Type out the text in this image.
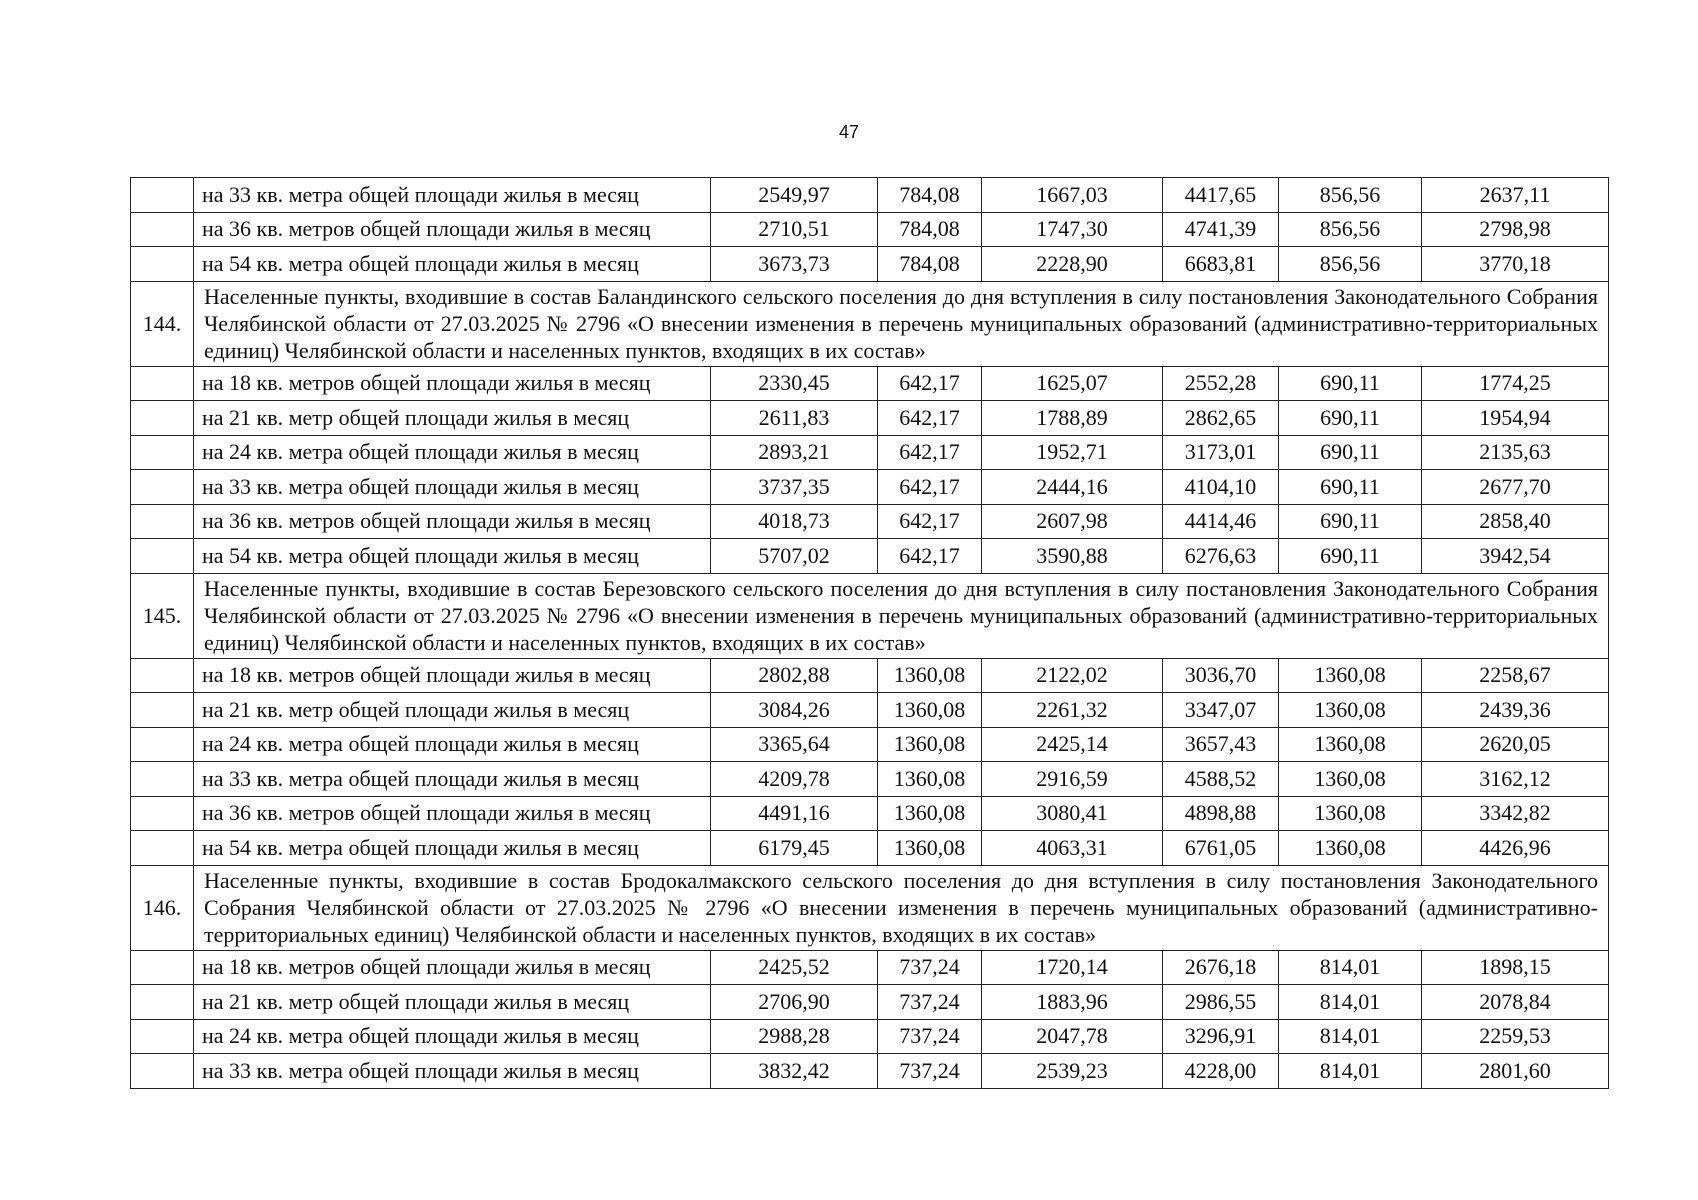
47
	на 33 кв. метра общей площади жилья в месяц	2549,97	784,08	1667,03	4417,65	856,56	2637,11
	на 36 кв. метров общей площади жилья в месяц	2710,51	784,08	1747,30	4741,39	856,56	2798,98
	на 54 кв. метра общей площади жилья в месяц	3673,73	784,08	2228,90	6683,81	856,56	3770,18
144.	Населенные пункты, входившие в состав Баландинского сельского поселения до дня вступления в силу постановления Законодательного Собрания Челябинской области от 27.03.2025 № 2796 «О внесении изменения в перечень муниципальных образований (административно-территориальных единиц) Челябинской области и населенных пунктов, входящих в их состав»						
	на 18 кв. метров общей площади жилья в месяц	2330,45	642,17	1625,07	2552,28	690,11	1774,25
	на 21 кв. метр общей площади жилья в месяц	2611,83	642,17	1788,89	2862,65	690,11	1954,94
	на 24 кв. метра общей площади жилья в месяц	2893,21	642,17	1952,71	3173,01	690,11	2135,63
	на 33 кв. метра общей площади жилья в месяц	3737,35	642,17	2444,16	4104,10	690,11	2677,70
	на 36 кв. метров общей площади жилья в месяц	4018,73	642,17	2607,98	4414,46	690,11	2858,40
	на 54 кв. метра общей площади жилья в месяц	5707,02	642,17	3590,88	6276,63	690,11	3942,54
145.	Населенные пункты, входившие в состав Березовского сельского поселения до дня вступления в силу постановления Законодательного Собрания Челябинской области от 27.03.2025 № 2796 «О внесении изменения в перечень муниципальных образований (административно-территориальных единиц) Челябинской области и населенных пунктов, входящих в их состав»						
	на 18 кв. метров общей площади жилья в месяц	2802,88	1360,08	2122,02	3036,70	1360,08	2258,67
	на 21 кв. метр общей площади жилья в месяц	3084,26	1360,08	2261,32	3347,07	1360,08	2439,36
	на 24 кв. метра общей площади жилья в месяц	3365,64	1360,08	2425,14	3657,43	1360,08	2620,05
	на 33 кв. метра общей площади жилья в месяц	4209,78	1360,08	2916,59	4588,52	1360,08	3162,12
	на 36 кв. метров общей площади жилья в месяц	4491,16	1360,08	3080,41	4898,88	1360,08	3342,82
	на 54 кв. метра общей площади жилья в месяц	6179,45	1360,08	4063,31	6761,05	1360,08	4426,96
146.	Населенные пункты, входившие в состав Бродокалмакского сельского поселения до дня вступления в силу постановления Законодательного Собрания Челябинской области от 27.03.2025 № 2796 «О внесении изменения в перечень муниципальных образований (административно-территориальных единиц) Челябинской области и населенных пунктов, входящих в их состав»						
	на 18 кв. метров общей площади жилья в месяц	2425,52	737,24	1720,14	2676,18	814,01	1898,15
	на 21 кв. метр общей площади жилья в месяц	2706,90	737,24	1883,96	2986,55	814,01	2078,84
	на 24 кв. метра общей площади жилья в месяц	2988,28	737,24	2047,78	3296,91	814,01	2259,53
	на 33 кв. метра общей площади жилья в месяц	3832,42	737,24	2539,23	4228,00	814,01	2801,60
